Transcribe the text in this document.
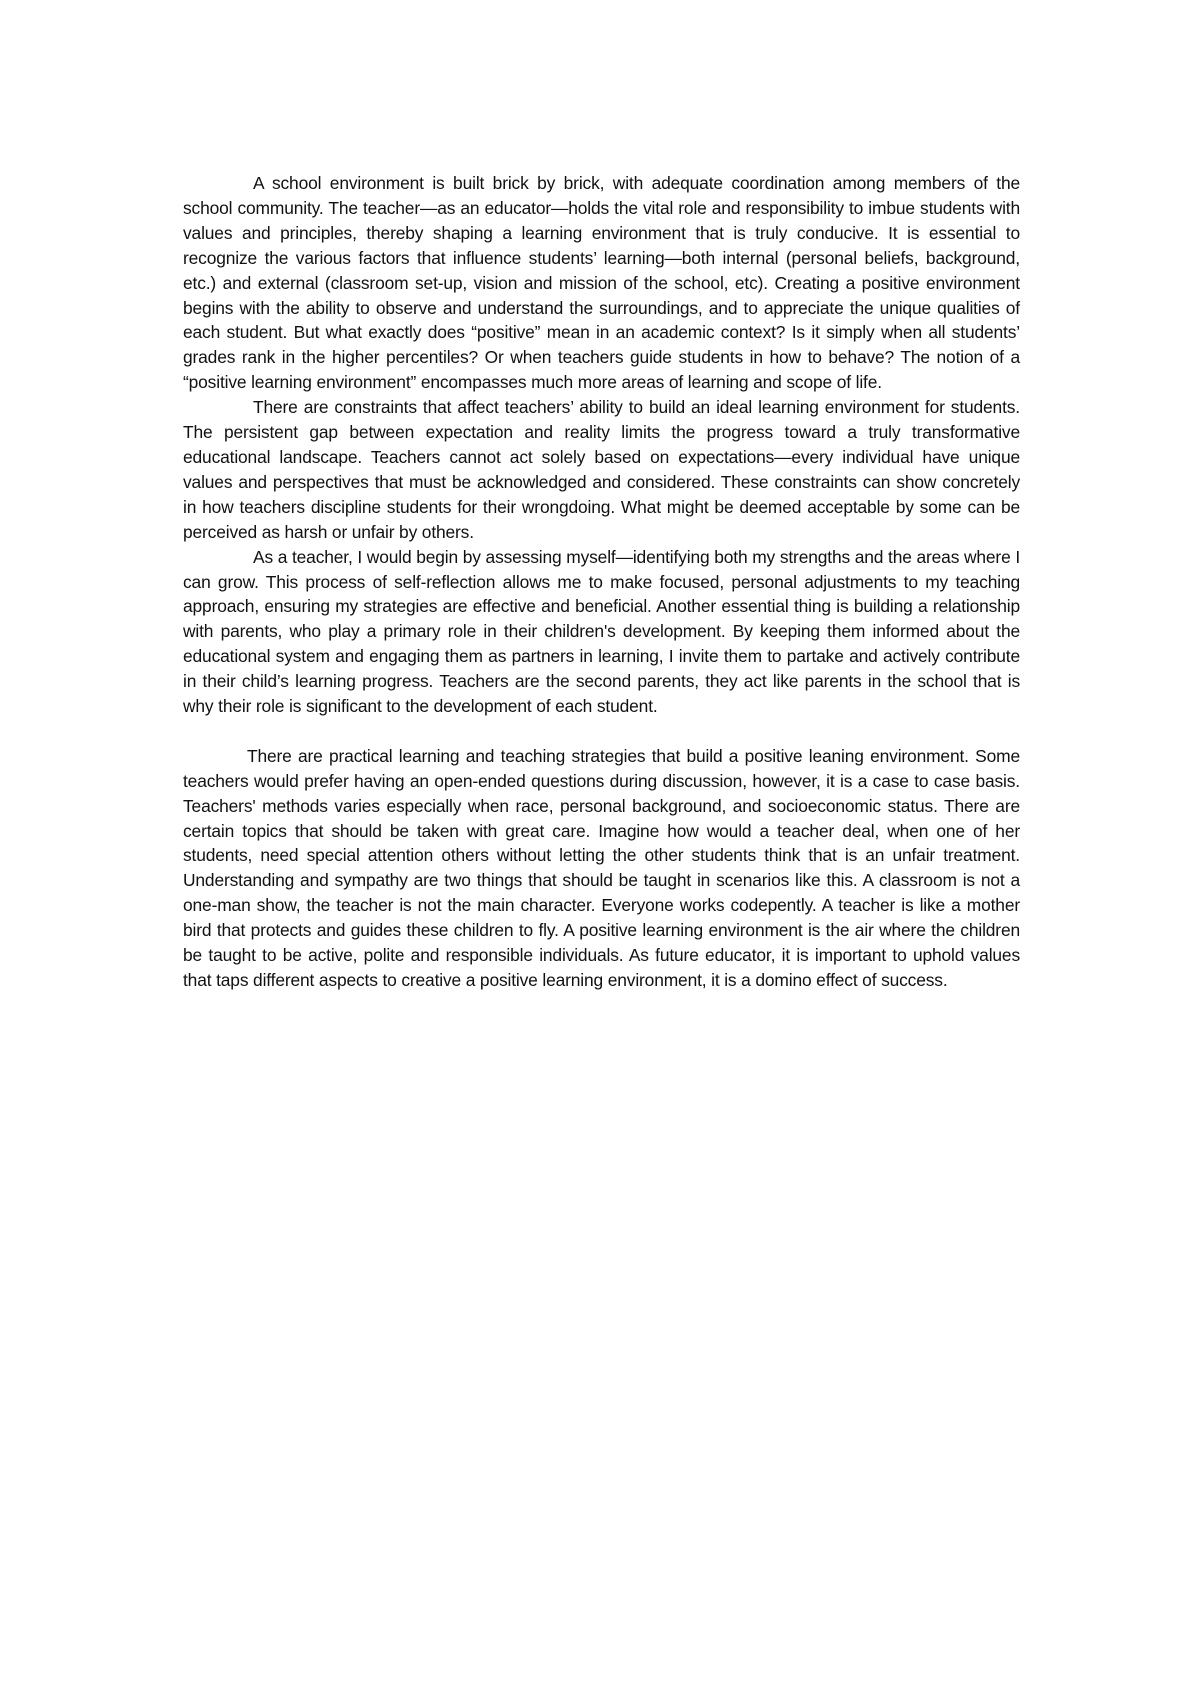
A school environment is built brick by brick, with adequate coordination among members of the school community. The teacher—as an educator—holds the vital role and responsibility to imbue students with values and principles, thereby shaping a learning environment that is truly conducive. It is essential to recognize the various factors that influence students’ learning—both internal (personal beliefs, background, etc.) and external (classroom set-up, vision and mission of the school, etc). Creating a positive environment begins with the ability to observe and understand the surroundings, and to appreciate the unique qualities of each student. But what exactly does “positive” mean in an academic context? Is it simply when all students’ grades rank in the higher percentiles? Or when teachers guide students in how to behave? The notion of a “positive learning environment” encompasses much more areas of learning and scope of life.

There are constraints that affect teachers’ ability to build an ideal learning environment for students. The persistent gap between expectation and reality limits the progress toward a truly transformative educational landscape. Teachers cannot act solely based on expectations—every individual have unique values and perspectives that must be acknowledged and considered. These constraints can show concretely in how teachers discipline students for their wrongdoing. What might be deemed acceptable by some can be perceived as harsh or unfair by others.

As a teacher, I would begin by assessing myself—identifying both my strengths and the areas where I can grow. This process of self-reflection allows me to make focused, personal adjustments to my teaching approach, ensuring my strategies are effective and beneficial. Another essential thing is building a relationship with parents, who play a primary role in their children's development. By keeping them informed about the educational system and engaging them as partners in learning, I invite them to partake and actively contribute in their child’s learning progress. Teachers are the second parents, they act like parents in the school that is why their role is significant to the development of each student.

There are practical learning and teaching strategies that build a positive leaning environment. Some teachers would prefer having an open-ended questions during discussion, however, it is a case to case basis. Teachers' methods varies especially when race, personal background, and socioeconomic status. There are certain topics that should be taken with great care. Imagine how would a teacher deal, when one of her students, need special attention others without letting the other students think that is an unfair treatment. Understanding and sympathy are two things that should be taught in scenarios like this. A classroom is not a one-man show, the teacher is not the main character. Everyone works codepently. A teacher is like a mother bird that protects and guides these children to fly. A positive learning environment is the air where the children be taught to be active, polite and responsible individuals. As future educator, it is important to uphold values that taps different aspects to creative a positive learning environment, it is a domino effect of success.
